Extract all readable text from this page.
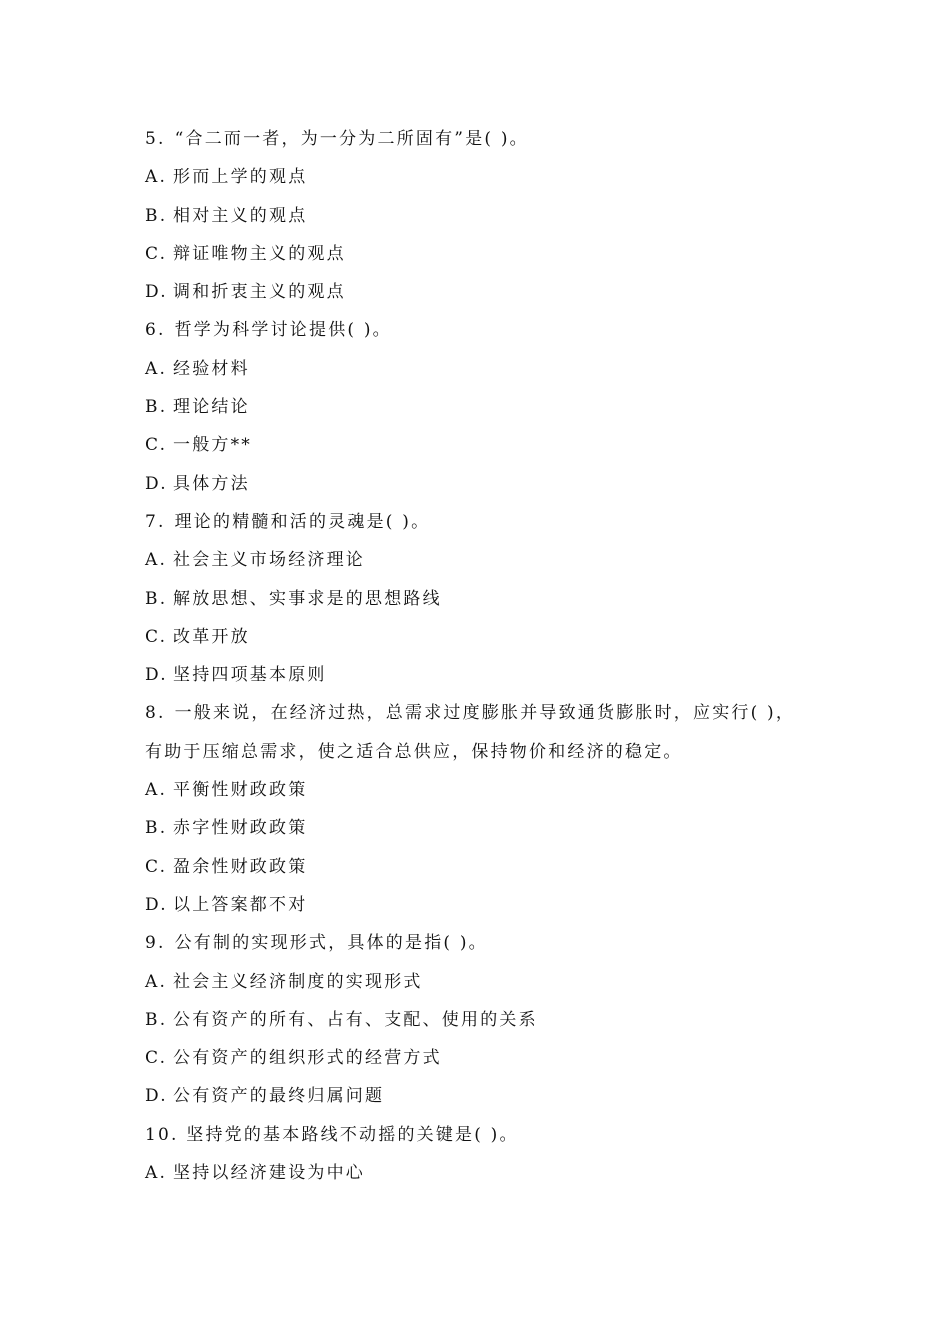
5. “合二而一者，为一分为二所固有”是( )。
A. 形而上学的观点
B. 相对主义的观点
C. 辩证唯物主义的观点
D. 调和折衷主义的观点
6. 哲学为科学讨论提供( )。
A. 经验材料
B. 理论结论
C. 一般方**
D. 具体方法
7. 理论的精髓和活的灵魂是( )。
A. 社会主义市场经济理论
B. 解放思想、实事求是的思想路线
C. 改革开放
D. 坚持四项基本原则
8. 一般来说，在经济过热，总需求过度膨胀并导致通货膨胀时，应实行( )，
有助于压缩总需求，使之适合总供应，保持物价和经济的稳定。
A. 平衡性财政政策
B. 赤字性财政政策
C. 盈余性财政政策
D. 以上答案都不对
9. 公有制的实现形式，具体的是指( )。
A. 社会主义经济制度的实现形式
B. 公有资产的所有、占有、支配、使用的关系
C. 公有资产的组织形式的经营方式
D. 公有资产的最终归属问题
10. 坚持党的基本路线不动摇的关键是( )。
A. 坚持以经济建设为中心
